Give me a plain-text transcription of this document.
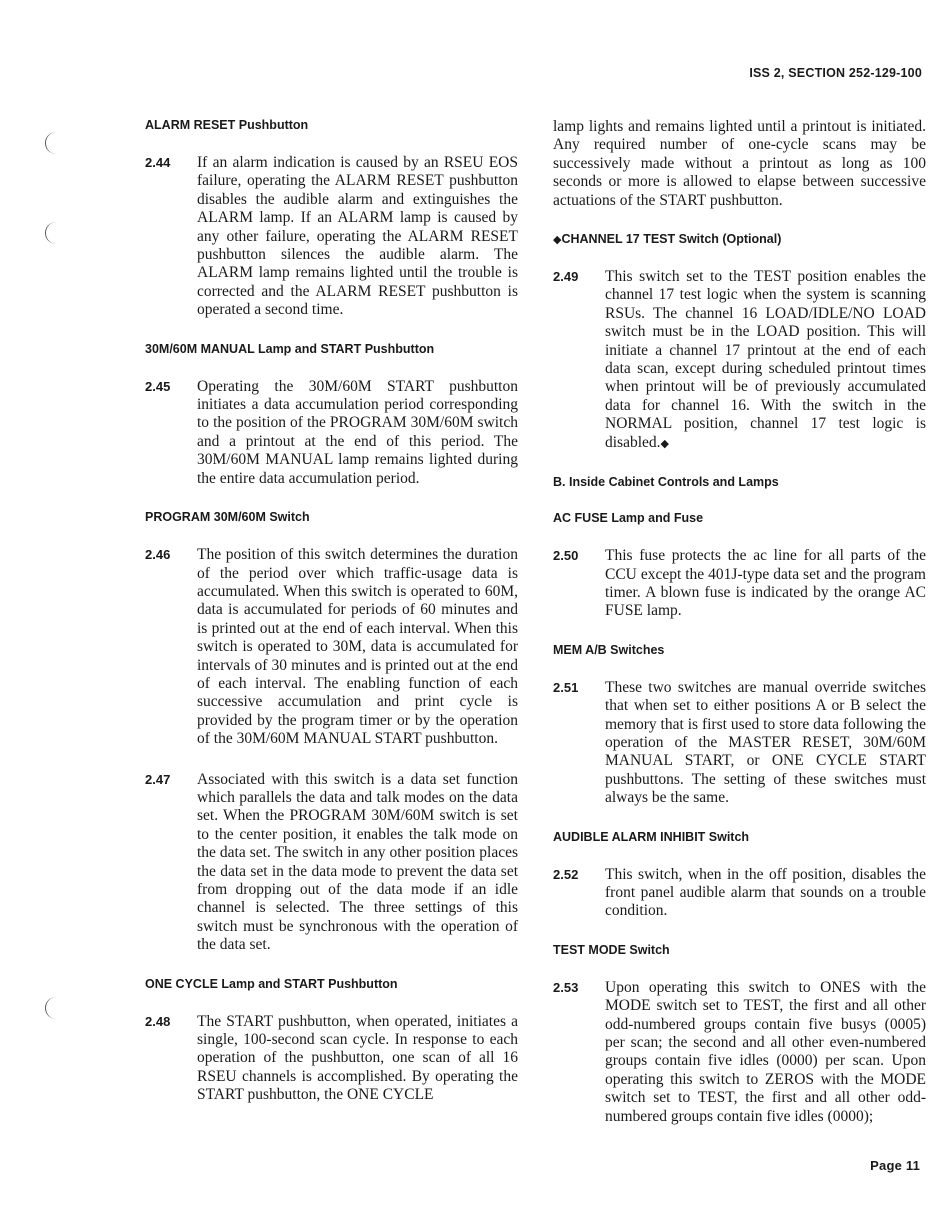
ISS 2, SECTION 252-129-100
ALARM RESET Pushbutton

2.44 If an alarm indication is caused by an RSEU EOS failure, operating the ALARM RESET pushbutton disables the audible alarm and extinguishes the ALARM lamp. If an ALARM lamp is caused by any other failure, operating the ALARM RESET pushbutton silences the audible alarm. The ALARM lamp remains lighted until the trouble is corrected and the ALARM RESET pushbutton is operated a second time.

30M/60M MANUAL Lamp and START Pushbutton

2.45 Operating the 30M/60M START pushbutton initiates a data accumulation period corresponding to the position of the PROGRAM 30M/60M switch and a printout at the end of this period. The 30M/60M MANUAL lamp remains lighted during the entire data accumulation period.

PROGRAM 30M/60M Switch

2.46 The position of this switch determines the duration of the period over which traffic-usage data is accumulated. When this switch is operated to 60M, data is accumulated for periods of 60 minutes and is printed out at the end of each interval. When this switch is operated to 30M, data is accumulated for intervals of 30 minutes and is printed out at the end of each interval. The enabling function of each successive accumulation and print cycle is provided by the program timer or by the operation of the 30M/60M MANUAL START pushbutton.

2.47 Associated with this switch is a data set function which parallels the data and talk modes on the data set. When the PROGRAM 30M/60M switch is set to the center position, it enables the talk mode on the data set. The switch in any other position places the data set in the data mode to prevent the data set from dropping out of the data mode if an idle channel is selected. The three settings of this switch must be synchronous with the operation of the data set.

ONE CYCLE Lamp and START Pushbutton

2.48 The START pushbutton, when operated, initiates a single, 100-second scan cycle. In response to each operation of the pushbutton, one scan of all 16 RSEU channels is accomplished. By operating the START pushbutton, the ONE CYCLE

lamp lights and remains lighted until a printout is initiated. Any required number of one-cycle scans may be successively made without a printout as long as 100 seconds or more is allowed to elapse between successive actuations of the START pushbutton.

◆CHANNEL 17 TEST Switch (Optional)

2.49 This switch set to the TEST position enables the channel 17 test logic when the system is scanning RSUs. The channel 16 LOAD/IDLE/NO LOAD switch must be in the LOAD position. This will initiate a channel 17 printout at the end of each data scan, except during scheduled printout times when printout will be of previously accumulated data for channel 16. With the switch in the NORMAL position, channel 17 test logic is disabled.◆

B. Inside Cabinet Controls and Lamps
AC FUSE Lamp and Fuse

2.50 This fuse protects the ac line for all parts of the CCU except the 401J-type data set and the program timer. A blown fuse is indicated by the orange AC FUSE lamp.

MEM A/B Switches

2.51 These two switches are manual override switches that when set to either positions A or B select the memory that is first used to store data following the operation of the MASTER RESET, 30M/60M MANUAL START, or ONE CYCLE START pushbuttons. The setting of these switches must always be the same.

AUDIBLE ALARM INHIBIT Switch

2.52 This switch, when in the off position, disables the front panel audible alarm that sounds on a trouble condition.

TEST MODE Switch

2.53 Upon operating this switch to ONES with the MODE switch set to TEST, the first and all other odd-numbered groups contain five busys (0005) per scan; the second and all other even-numbered groups contain five idles (0000) per scan. Upon operating this switch to ZEROS with the MODE switch set to TEST, the first and all other odd-numbered groups contain five idles (0000);

Page 11
